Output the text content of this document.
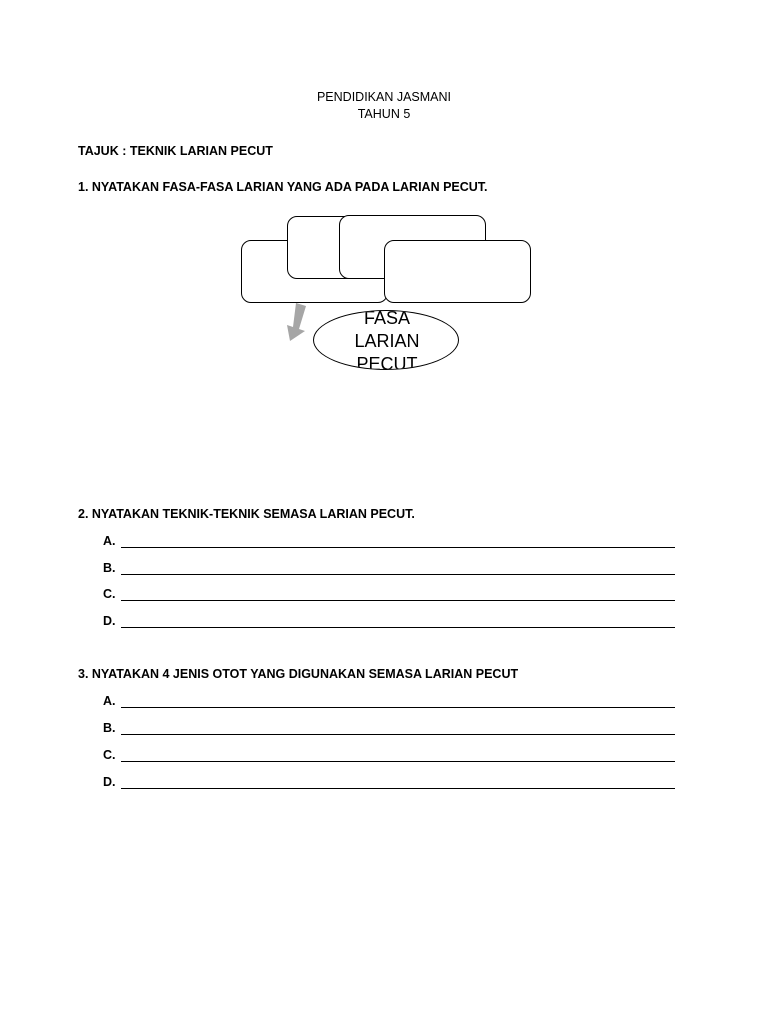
PENDIDIKAN JASMANI
TAHUN 5
TAJUK : TEKNIK LARIAN PECUT
1. NYATAKAN FASA-FASA LARIAN YANG ADA PADA LARIAN PECUT.
FASA
LARIAN
PECUT
2. NYATAKAN TEKNIK-TEKNIK SEMASA LARIAN PECUT.
A.
B.
C.
D.
3. NYATAKAN 4 JENIS OTOT YANG DIGUNAKAN SEMASA LARIAN PECUT
A.
B.
C.
D.
